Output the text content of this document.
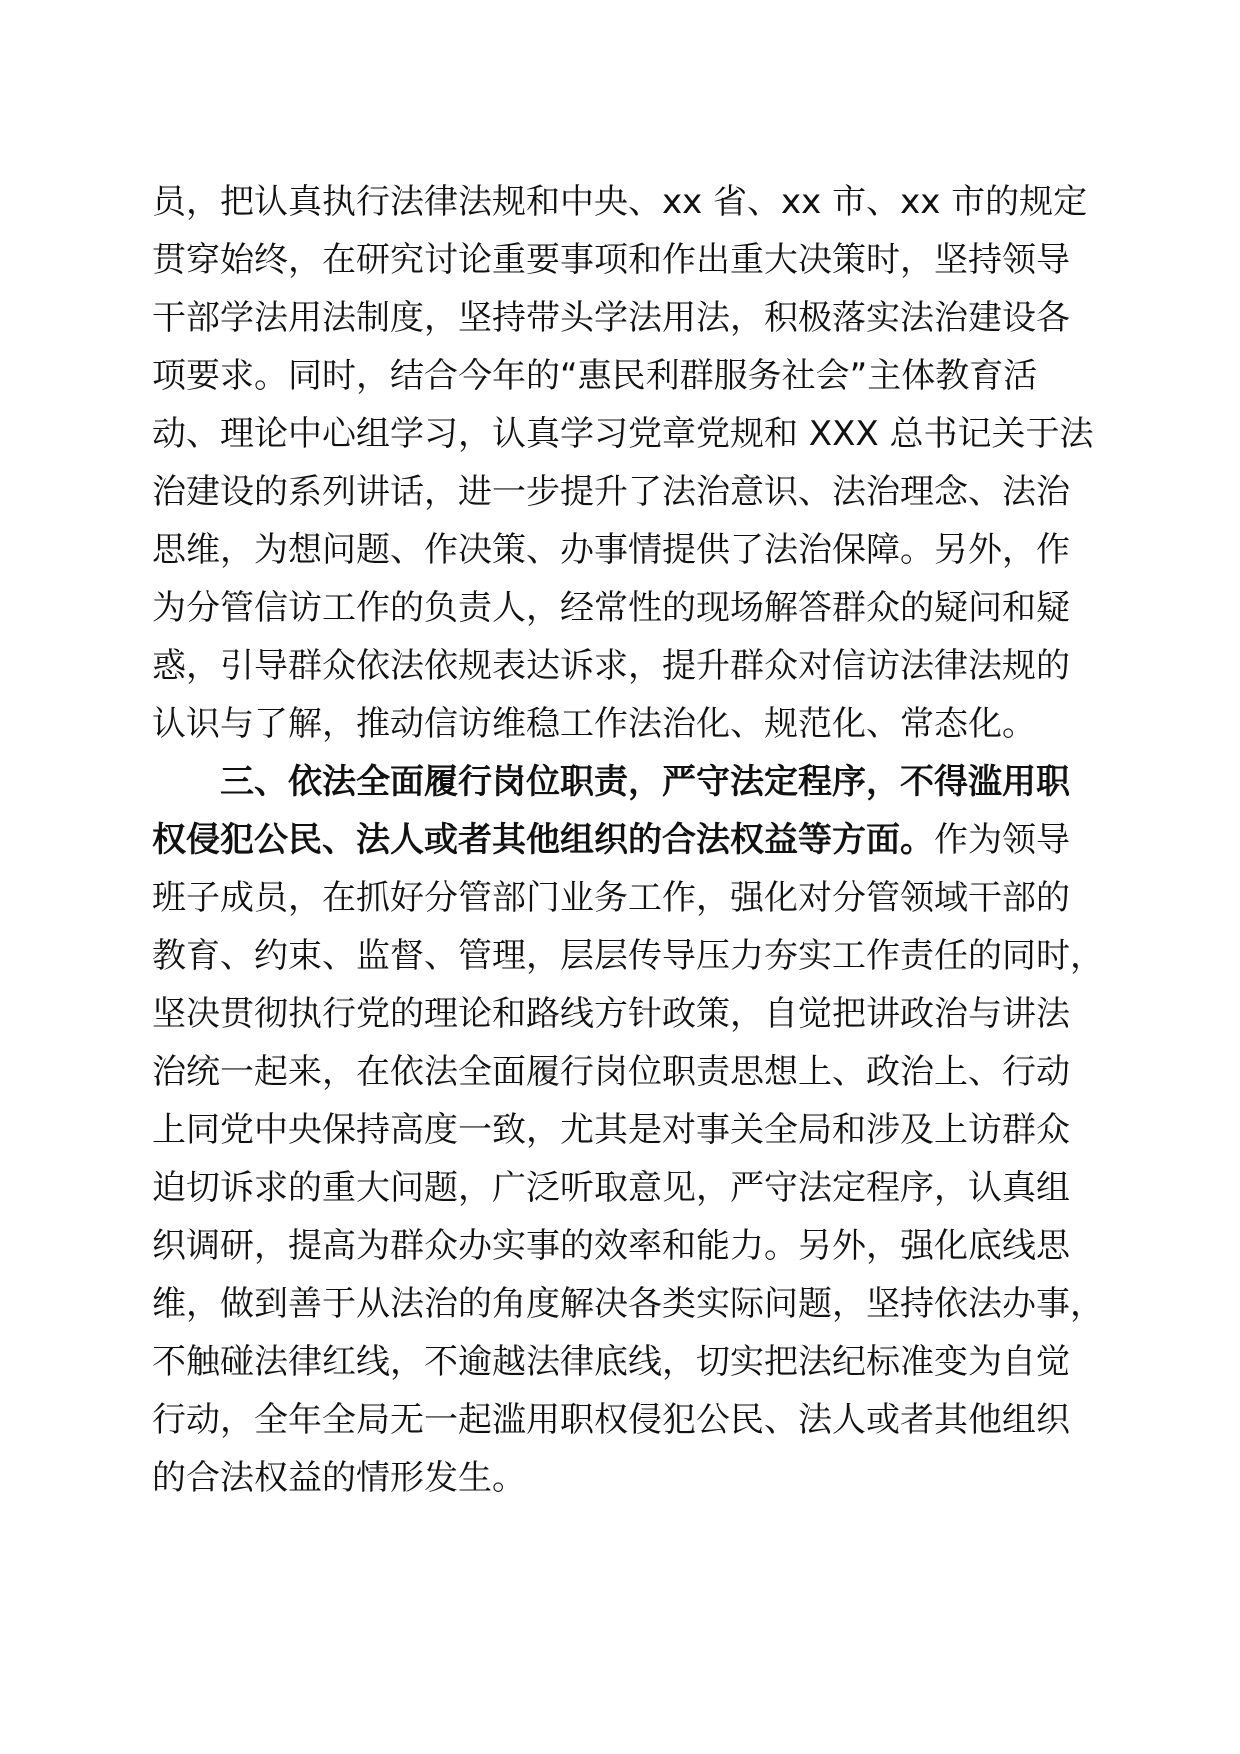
员，把认真执行法律法规和中央、xx 省、xx 市、xx 市的规定
贯穿始终，在研究讨论重要事项和作出重大决策时，坚持领导
干部学法用法制度，坚持带头学法用法，积极落实法治建设各
项要求。同时，结合今年的“惠民利群服务社会”主体教育活
动、理论中心组学习，认真学习党章党规和 XXX 总书记关于法
治建设的系列讲话，进一步提升了法治意识、法治理念、法治
思维，为想问题、作决策、办事情提供了法治保障。另外，作
为分管信访工作的负责人，经常性的现场解答群众的疑问和疑
惑，引导群众依法依规表达诉求，提升群众对信访法律法规的
认识与了解，推动信访维稳工作法治化、规范化、常态化。
三、依法全面履行岗位职责，严守法定程序，不得滥用职
权侵犯公民、法人或者其他组织的合法权益等方面。作为领导
班子成员，在抓好分管部门业务工作，强化对分管领域干部的
教育、约束、监督、管理，层层传导压力夯实工作责任的同时，
坚决贯彻执行党的理论和路线方针政策，自觉把讲政治与讲法
治统一起来，在依法全面履行岗位职责思想上、政治上、行动
上同党中央保持高度一致，尤其是对事关全局和涉及上访群众
迫切诉求的重大问题，广泛听取意见，严守法定程序，认真组
织调研，提高为群众办实事的效率和能力。另外，强化底线思
维，做到善于从法治的角度解决各类实际问题，坚持依法办事，
不触碰法律红线，不逾越法律底线，切实把法纪标准变为自觉
行动，全年全局无一起滥用职权侵犯公民、法人或者其他组织
的合法权益的情形发生。
